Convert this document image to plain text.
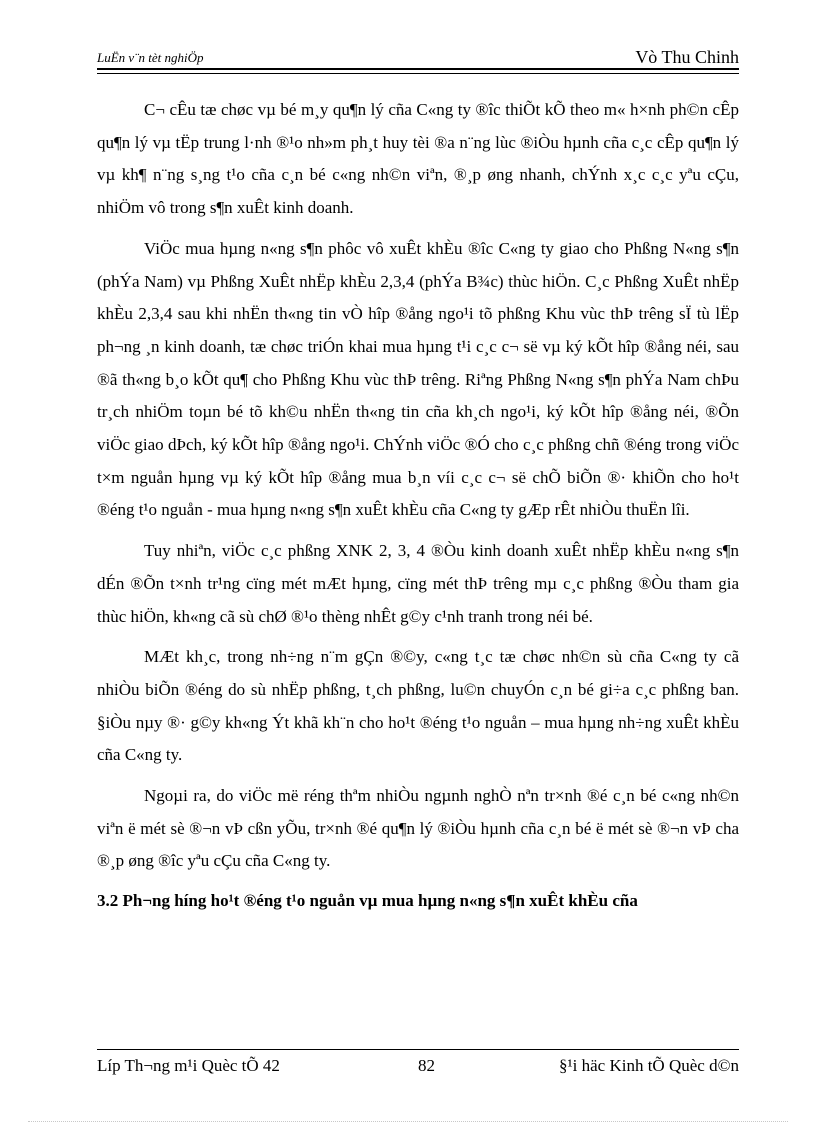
LuËn v¨n tèt nghiÖp	Vò Thu Chinh

C¬ cÊu tæ chøc vµ bé m¸y qu¶n lý cña C«ng ty ®îc thiÕt kÕ theo m« h×nh ph©n cÊp qu¶n lý vµ tËp trung l·nh ®¹o nh»m ph¸t huy tèi ®a n¨ng lùc ®iÒu hµnh cña c¸c cÊp qu¶n lý vµ kh¶ n¨ng s¸ng t¹o cña c¸n bé c«ng nh©n viªn, ®¸p øng nhanh, chÝnh x¸c c¸c yªu cÇu, nhiÖm vô trong s¶n xuÊt kinh doanh.

ViÖc mua hµng n«ng s¶n phôc vô xuÊt khÈu ®îc C«ng ty giao cho Phßng N«ng s¶n (phÝa Nam) vµ Phßng XuÊt nhËp khÈu 2,3,4 (phÝa B¾c) thùc hiÖn. C¸c Phßng XuÊt nhËp khÈu 2,3,4 sau khi nhËn th«ng tin vÒ hîp ®ång ngo¹i tõ phßng Khu vùc thÞ trêng sÏ tù lËp ph¬ng ¸n kinh doanh, tæ chøc triÓn khai mua hµng t¹i c¸c c¬ së vµ ký kÕt hîp ®ång néi, sau ®ã th«ng b¸o kÕt qu¶ cho Phßng Khu vùc thÞ trêng. Riªng Phßng N«ng s¶n phÝa Nam chÞu tr¸ch nhiÖm toµn bé tõ kh©u nhËn th«ng tin cña kh¸ch ngo¹i, ký kÕt hîp ®ång néi, ®Õn viÖc giao dÞch, ký kÕt hîp ®ång ngo¹i. ChÝnh viÖc ®Ó cho c¸c phßng chñ ®éng trong viÖc t×m nguån hµng vµ ký kÕt hîp ®ång mua b¸n víi c¸c c¬ së chÕ biÕn ®· khiÕn cho ho¹t ®éng t¹o nguån - mua hµng n«ng s¶n xuÊt khÈu cña C«ng ty gÆp rÊt nhiÒu thuËn lîi.

Tuy nhiªn, viÖc c¸c phßng XNK 2, 3, 4 ®Òu kinh doanh xuÊt nhËp khÈu n«ng s¶n dÉn ®Õn t×nh tr¹ng cïng mét mÆt hµng, cïng mét thÞ trêng mµ c¸c phßng ®Òu tham gia thùc hiÖn, kh«ng cã sù chØ ®¹o thèng nhÊt g©y c¹nh tranh trong néi bé.

MÆt kh¸c, trong nh÷ng n¨m gÇn ®©y, c«ng t¸c tæ chøc nh©n sù cña C«ng ty cã nhiÒu biÕn ®éng do sù nhËp phßng, t¸ch phßng, lu©n chuyÓn c¸n bé gi÷a c¸c phßng ban. §iÒu nµy ®· g©y kh«ng Ýt khã kh¨n cho ho¹t ®éng t¹o nguån – mua hµng nh÷ng xuÊt khÈu cña C«ng ty.

Ngoµi ra, do viÖc më réng thªm nhiÒu ngµnh nghÒ nªn tr×nh ®é c¸n bé c«ng nh©n viªn ë mét sè ®¬n vÞ cßn yÕu, tr×nh ®é qu¶n lý ®iÒu hµnh cña c¸n bé ë mét sè ®¬n vÞ cha ®¸p øng ®îc yªu cÇu cña C«ng ty.

3.2 Ph¬ng híng ho¹t ®éng t¹o nguån vµ mua hµng n«ng s¶n xuÊt khÈu cña

Líp Th¬ng m¹i Quèc tÕ 42	82	§¹i häc Kinh tÕ Quèc d©n
